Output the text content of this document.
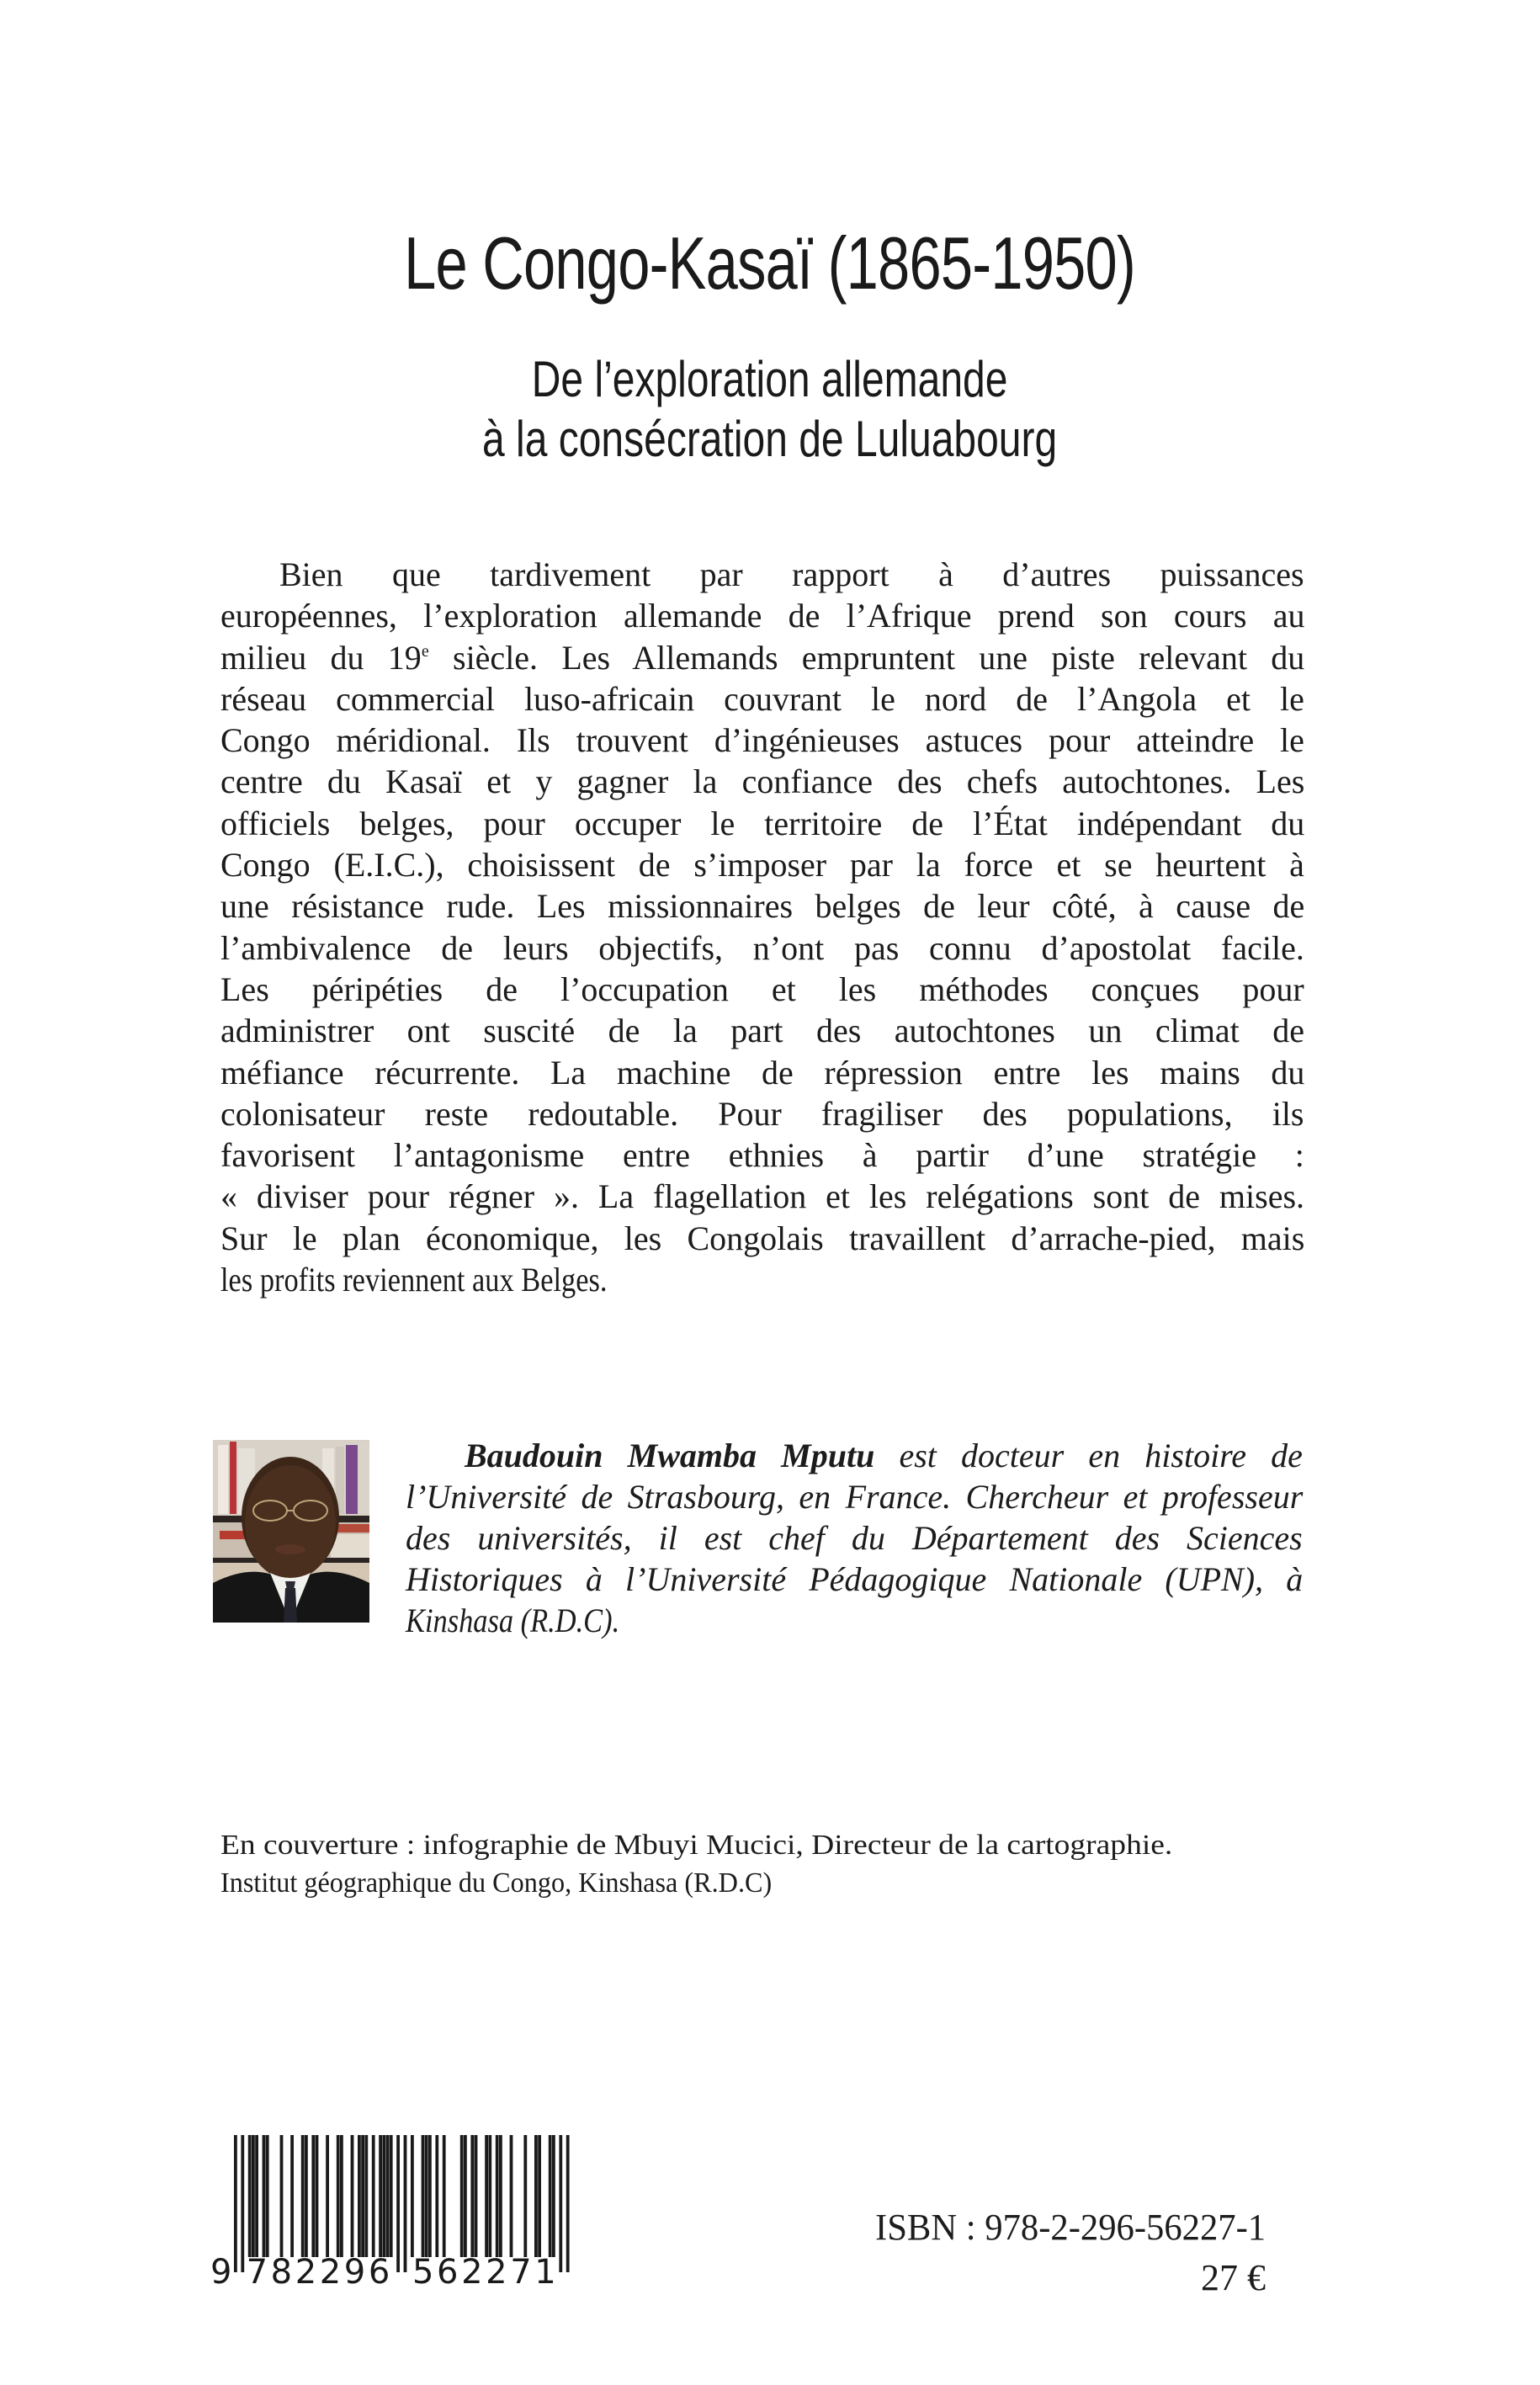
Le Congo-Kasaï (1865-1950)
De l’exploration allemande
à la consécration de Luluabourg
Bien que tardivement par rapport à d’autres puissances
européennes, l’exploration allemande de l’Afrique prend son cours au
milieu du 19e siècle. Les Allemands empruntent une piste relevant du
réseau commercial luso-africain couvrant le nord de l’Angola et le
Congo méridional. Ils trouvent d’ingénieuses astuces pour atteindre le
centre du Kasaï et y gagner la confiance des chefs autochtones. Les
officiels belges, pour occuper le territoire de l’État indépendant du
Congo (E.I.C.), choisissent de s’imposer par la force et se heurtent à
une résistance rude. Les missionnaires belges de leur côté, à cause de
l’ambivalence de leurs objectifs, n’ont pas connu d’apostolat facile.
Les péripéties de l’occupation et les méthodes conçues pour
administrer ont suscité de la part des autochtones un climat de
méfiance récurrente. La machine de répression entre les mains du
colonisateur reste redoutable. Pour fragiliser des populations, ils
favorisent l’antagonisme entre ethnies à partir d’une stratégie :
« diviser pour régner ». La flagellation et les relégations sont de mises.
Sur le plan économique, les Congolais travaillent d’arrache-pied, mais
les profits reviennent aux Belges.
Baudouin Mwamba Mputu est docteur en histoire de
l’Université de Strasbourg, en France. Chercheur et professeur
des universités, il est chef du Département des Sciences
Historiques à l’Université Pédagogique Nationale (UPN), à
Kinshasa (R.D.C).
En couverture : infographie de Mbuyi Mucici, Directeur de la cartographie.
Institut géographique du Congo, Kinshasa (R.D.C)
9 782296 562271
ISBN : 978-2-296-56227-1
27 €
